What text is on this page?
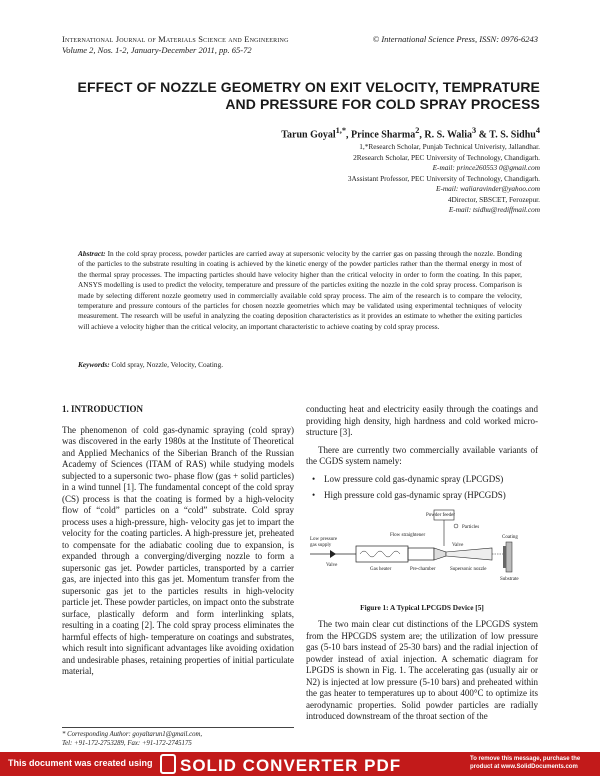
International Journal of Materials Science and Engineering
Volume 2, Nos. 1-2, January-December 2011, pp. 65-72
© International Science Press, ISSN: 0976-6243
EFFECT OF NOZZLE GEOMETRY ON EXIT VELOCITY, TEMPRATURE
AND PRESSURE FOR COLD SPRAY PROCESS
Tarun Goyal$^{1,*}$, Prince Sharma$^2$, R. S. Walia$^3$ & T. S. Sidhu$^4$
1,*Research Scholar, Punjab Technical Univeristy, Jallandhar.
2Research Scholar, PEC University of Technology, Chandigarh.
E-mail: prince260553 0@gmail.com
3Assistant Professor, PEC University of Technology, Chandigarh.
E-mail: waliaravinder@yahoo.com
4Director, SBSCET, Ferozepur.
E-mail: tsidhu@rediffmail.com
Abstract: In the cold spray process, powder particles are carried away at supersonic velocity by the carrier gas on passing through the nozzle. Bonding of the particles to the substrate resulting in coating is achieved by the kinetic energy of the powder particles rather than the thermal energy in most of the thermal spray processes. The impacting particles should have velocity higher than the critical velocity in order to form the coating. In this paper, ANSYS modelling is used to predict the velocity, temperature and pressure of the particles exiting the nozzle in the cold spray process. Comparison is made by selecting different nozzle geometry used in commercially available cold spray process. The aim of the research is to compare the velocity, temperature and pressure contours of the particles for chosen nozzle geometries which may be validated using experimental techniques of velocity measurement. The research will be useful in analyzing the coating deposition characteristics as it provides an estimate to whether the exiting particles will achieve a velocity higher than the critical velocity, an important characteristic to achieve coating by cold spray process.
Keywords: Cold spray, Nozzle, Velocity, Coating.
1. INTRODUCTION

The phenomenon of cold gas-dynamic spraying (cold spray) was discovered in the early 1980s at the Institute of Theoretical and Applied Mechanics of the Siberian Branch of the Russian Academy of Sciences (ITAM of RAS) while studying models subjected to a supersonic two- phase flow (gas + solid particles) in a wind tunnel [1]. The fundamental concept of the cold spray (CS) process is that the coating is formed by a high-velocity flow of “cold” particles on a “cold” substrate. Cold spray process uses a high-pressure, high- velocity gas jet to impart the velocity for the coating particles. A high-pressure jet, preheated to compensate for the adiabatic cooling due to expansion, is expanded through a converging/diverging nozzle to form a supersonic gas jet. Powder particles, transported by a carrier gas, are injected into this gas jet. Momentum transfer from the supersonic gas jet to the particles results in high-velocity particle jet. These powder particles, on impact onto the substrate surface, plastically deform and form interlinking splats, resulting in a coating [2]. The cold spray process eliminates the harmful effects of high- temperature on coatings and substrates, which result into significant advantages like avoiding oxidation and undesirable phases, retaining properties of initial particulate material,

conducting heat and electricity easily through the coatings and providing high density, high hardness and cold worked micro-structure [3].

There are currently two commercially available variants of the CGDS system namely:

• Low pressure cold gas-dynamic spray (LPCGDS)
• High pressure cold gas-dynamic spray (HPCGDS)
Powder feeder
Particles
Flow straightener
Low pressure
gas supply
Valve
Gas heater	Pre-chamber
Valve
Supersonic nozzle
Coating
Substrate
Figure 1: A Typical LPCGDS Device [5]

The two main clear cut distinctions of the LPCGDS system from the HPCGDS system are; the utilization of low pressure gas (5-10 bars instead of 25-30 bars) and the radial injection of powder instead of axial injection. A schematic diagram for LPGDS is shown in Fig. 1. The accelerating gas (usually air or N2) is injected at low pressure (5-10 bars) and preheated within the gas heater to temperatures up to about 400°C to optimize its aerodynamic properties. Solid powder particles are radially introduced downstream of the throat section of the

* Corresponding Author: goyaltarun1@gmail.com,
Tel: +91-172-2753289, Fax: +91-172-2745175
This document was created using	SOLID CONVERTER PDF	To remove this message, purchase the
product at www.SolidDocuments.com
